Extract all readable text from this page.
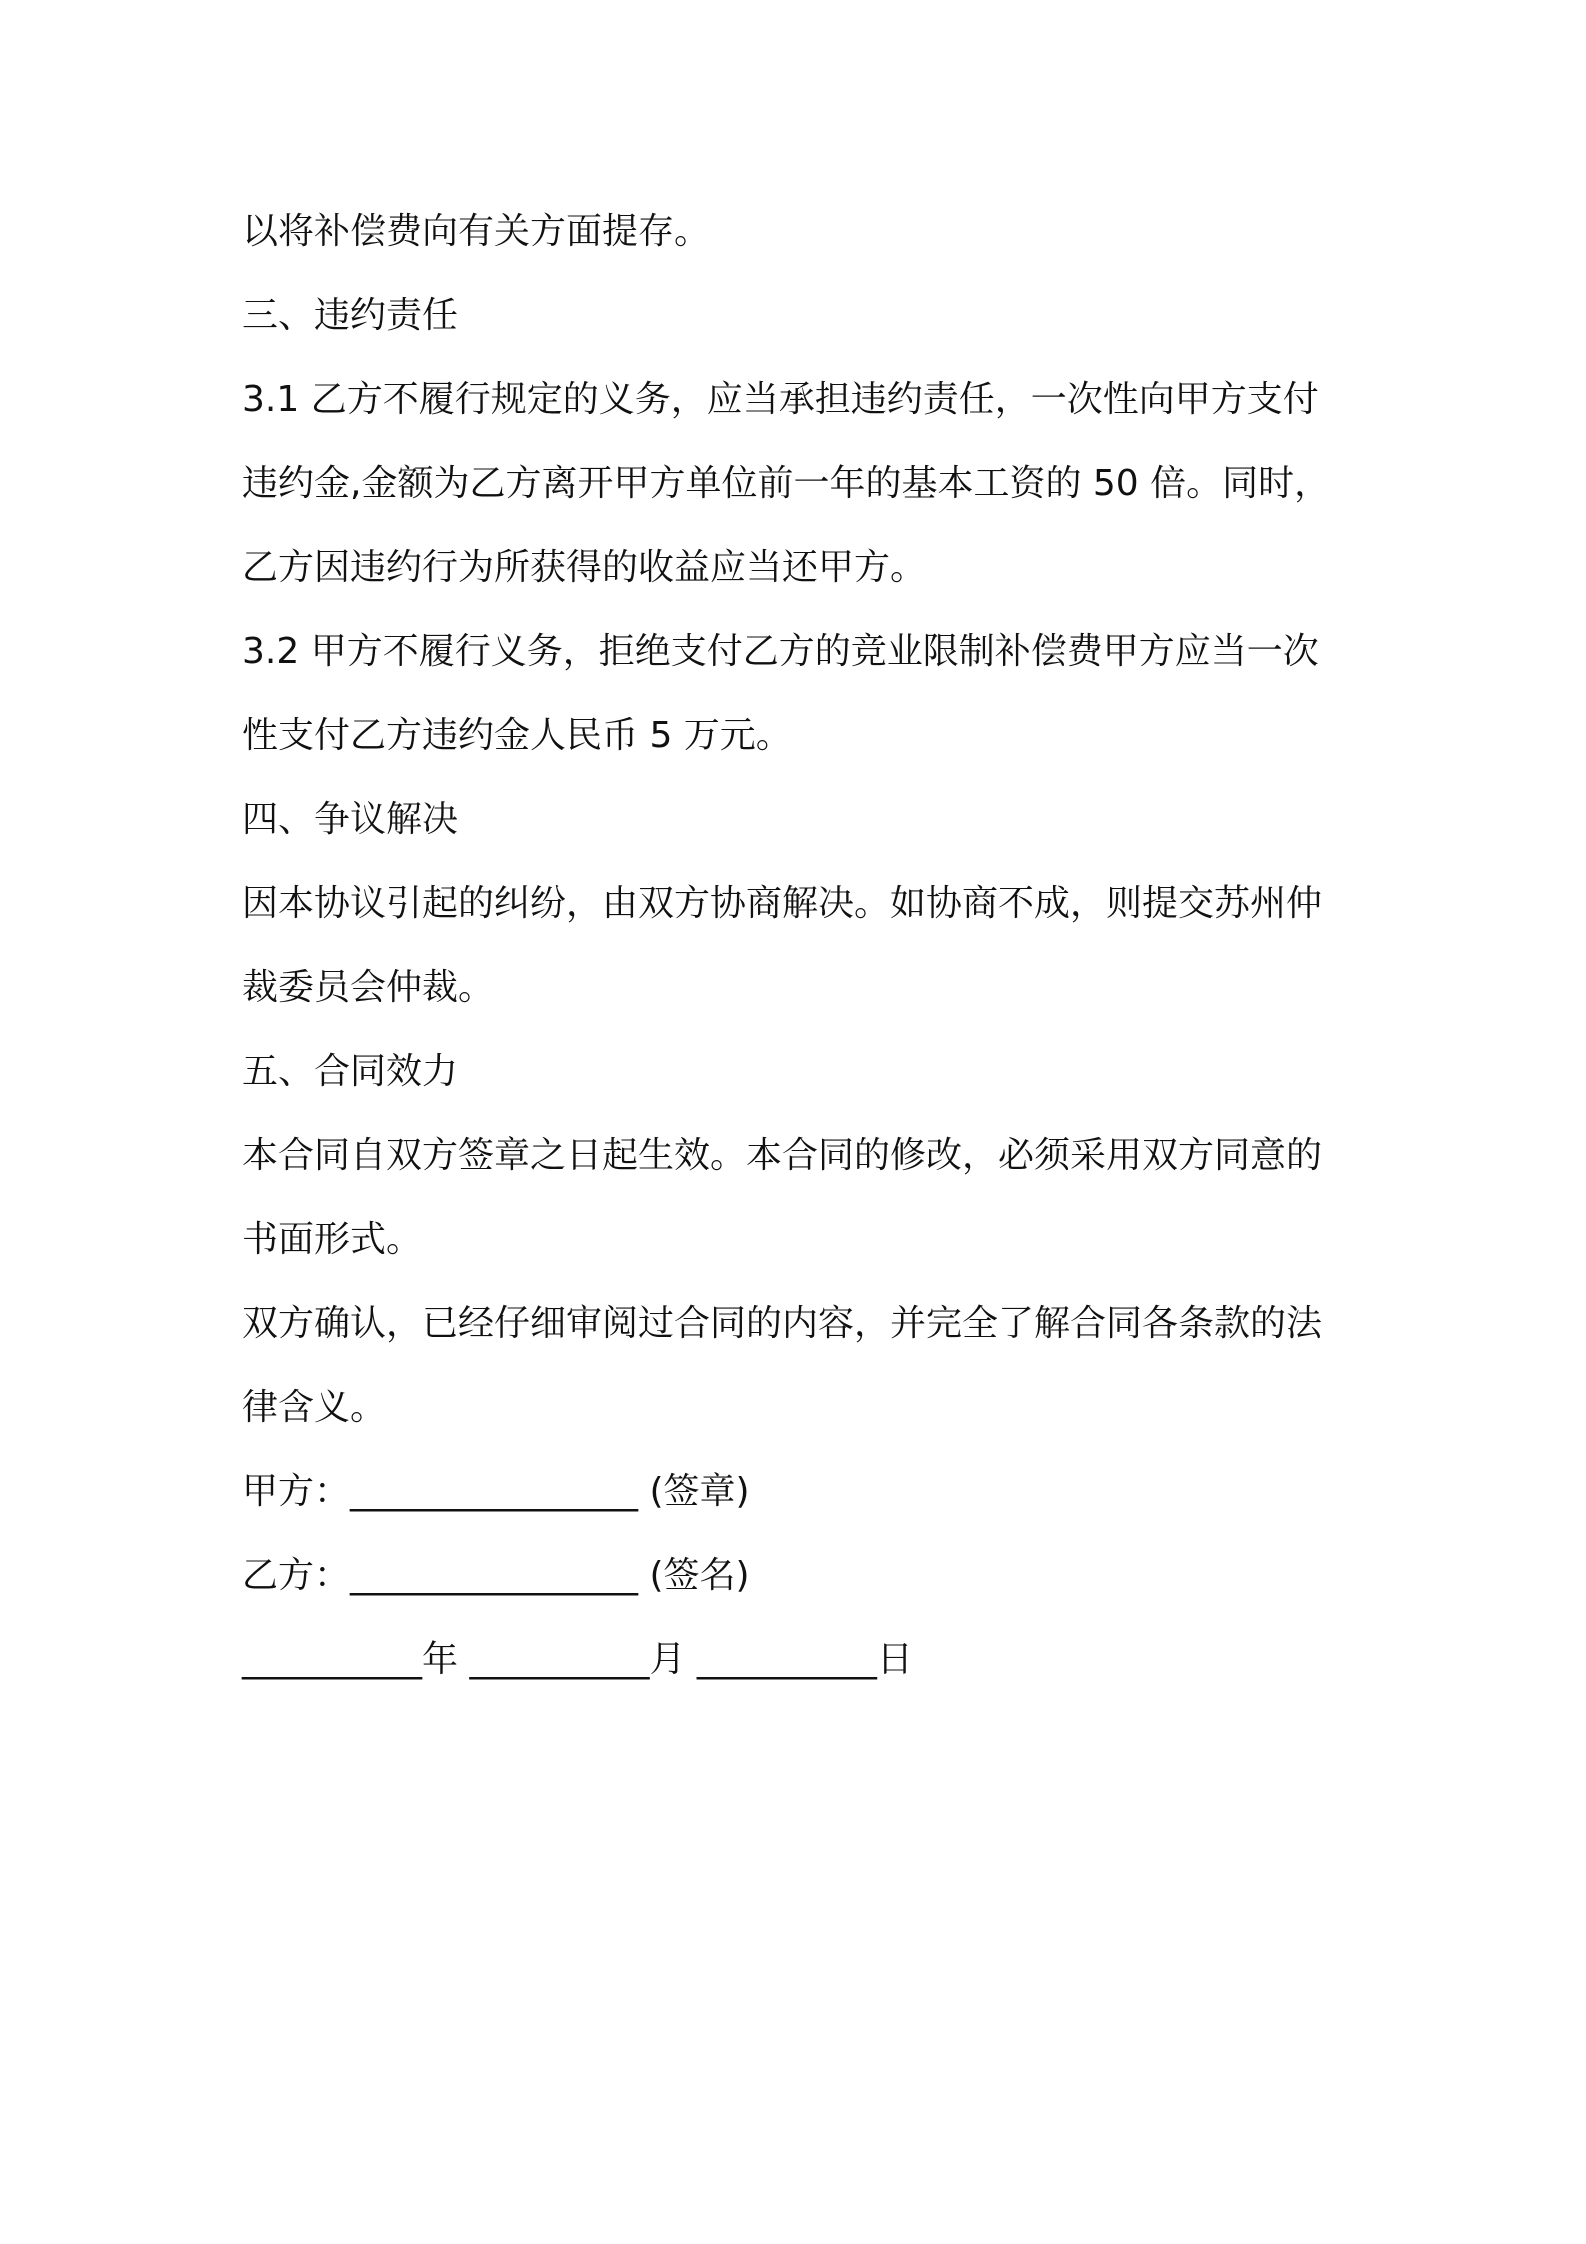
以将补偿费向有关方面提存。
三、违约责任
3.1 乙方不履行规定的义务，应当承担违约责任，一次性向甲方支付
违约金,金额为乙方离开甲方单位前一年的基本工资的 50 倍。同时，
乙方因违约行为所获得的收益应当还甲方。
3.2 甲方不履行义务，拒绝支付乙方的竞业限制补偿费甲方应当一次
性支付乙方违约金人民币 5 万元。
四、争议解决
因本协议引起的纠纷，由双方协商解决。如协商不成，则提交苏州仲
裁委员会仲裁。
五、合同效力
本合同自双方签章之日起生效。本合同的修改，必须采用双方同意的
书面形式。
双方确认，已经仔细审阅过合同的内容，并完全了解合同各条款的法
律含义。
甲方：________________ (签章)
乙方：________________ (签名)
__________年 __________月 __________日
